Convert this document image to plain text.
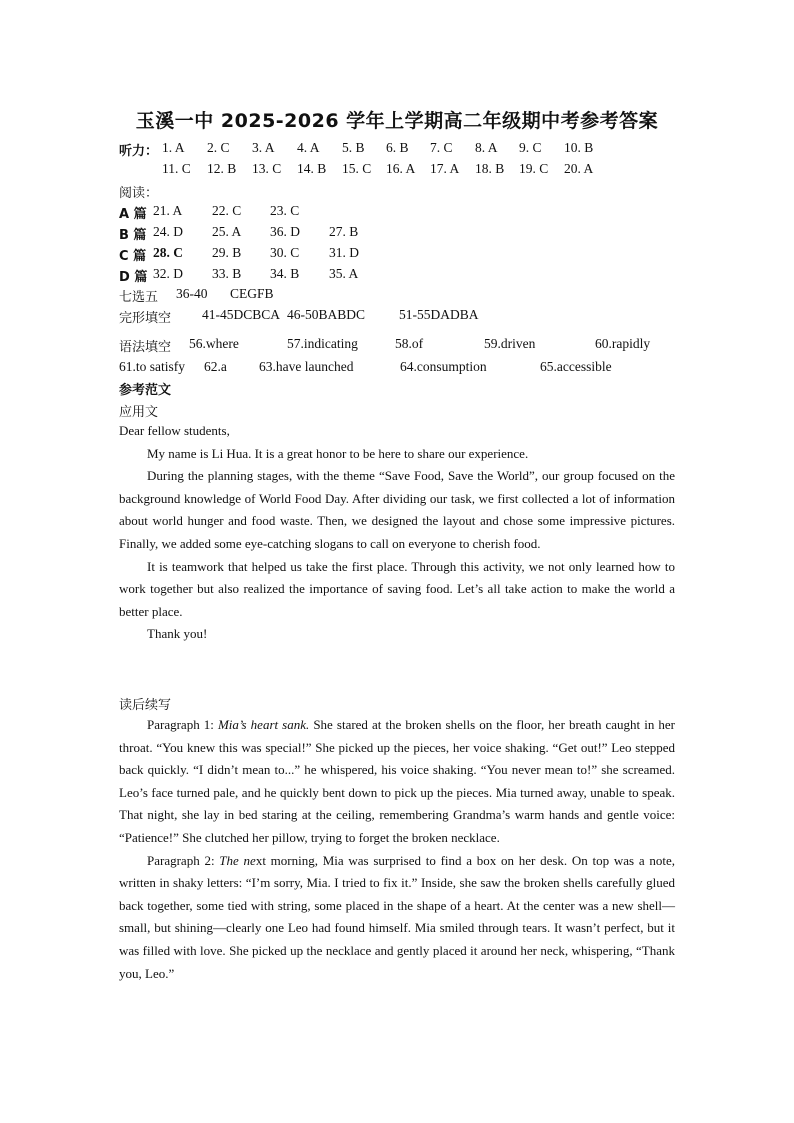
玉溪一中 2025-2026 学年上学期高二年级期中考参考答案
听力： 1. A 2. C 3. A 4. A 5. B 6. B 7. C 8. A 9. C 10. B
11. C 12. B 13. C 14. B 15. C 16. A 17. A 18. B 19. C 20. A
阅读：
A 篇 21. A 22. C 23. C
B 篇 24. D 25. A 36. D 27. B
C 篇 28. C 29. B 30. C 31. D
D 篇 32. D 33. B 34. B 35. A
七选五 36-40 CEGFB
完形填空 41-45DCBCA 46-50BABDC	51-55DADBA
语法填空 56.where	57.indicating	58.of	59.driven	60.rapidly
61.to satisfy 62.a 63.have launched	64.consumption	65.accessible
参考范文
应用文
Dear fellow students,
My name is Li Hua. It is a great honor to be here to share our experience.
During the planning stages, with the theme “Save Food, Save the World”, our group focused on the background knowledge of World Food Day. After dividing our task, we first collected a lot of information about world hunger and food waste. Then, we designed the layout and chose some impressive pictures. Finally, we added some eye-catching slogans to call on everyone to cherish food.
It is teamwork that helped us take the first place. Through this activity, we not only learned how to work together but also realized the importance of saving food. Let’s all take action to make the world a better place.
Thank you!
读后续写
Paragraph 1: Mia’s heart sank. She stared at the broken shells on the floor, her breath caught in her throat. “You knew this was special!” She picked up the pieces, her voice shaking. “Get out!” Leo stepped back quickly. “I didn’t mean to...” he whispered, his voice shaking. “You never mean to!” she screamed. Leo’s face turned pale, and he quickly bent down to pick up the pieces. Mia turned away, unable to speak. That night, she lay in bed staring at the ceiling, remembering Grandma’s warm hands and gentle voice: “Patience!” She clutched her pillow, trying to forget the broken necklace.
Paragraph 2: The next morning, Mia was surprised to find a box on her desk. On top was a note, written in shaky letters: “I’m sorry, Mia. I tried to fix it.” Inside, she saw the broken shells carefully glued back together, some tied with string, some placed in the shape of a heart. At the center was a new shell—small, but shining—clearly one Leo had found himself. Mia smiled through tears. It wasn’t perfect, but it was filled with love. She picked up the necklace and gently placed it around her neck, whispering, “Thank you, Leo.”
